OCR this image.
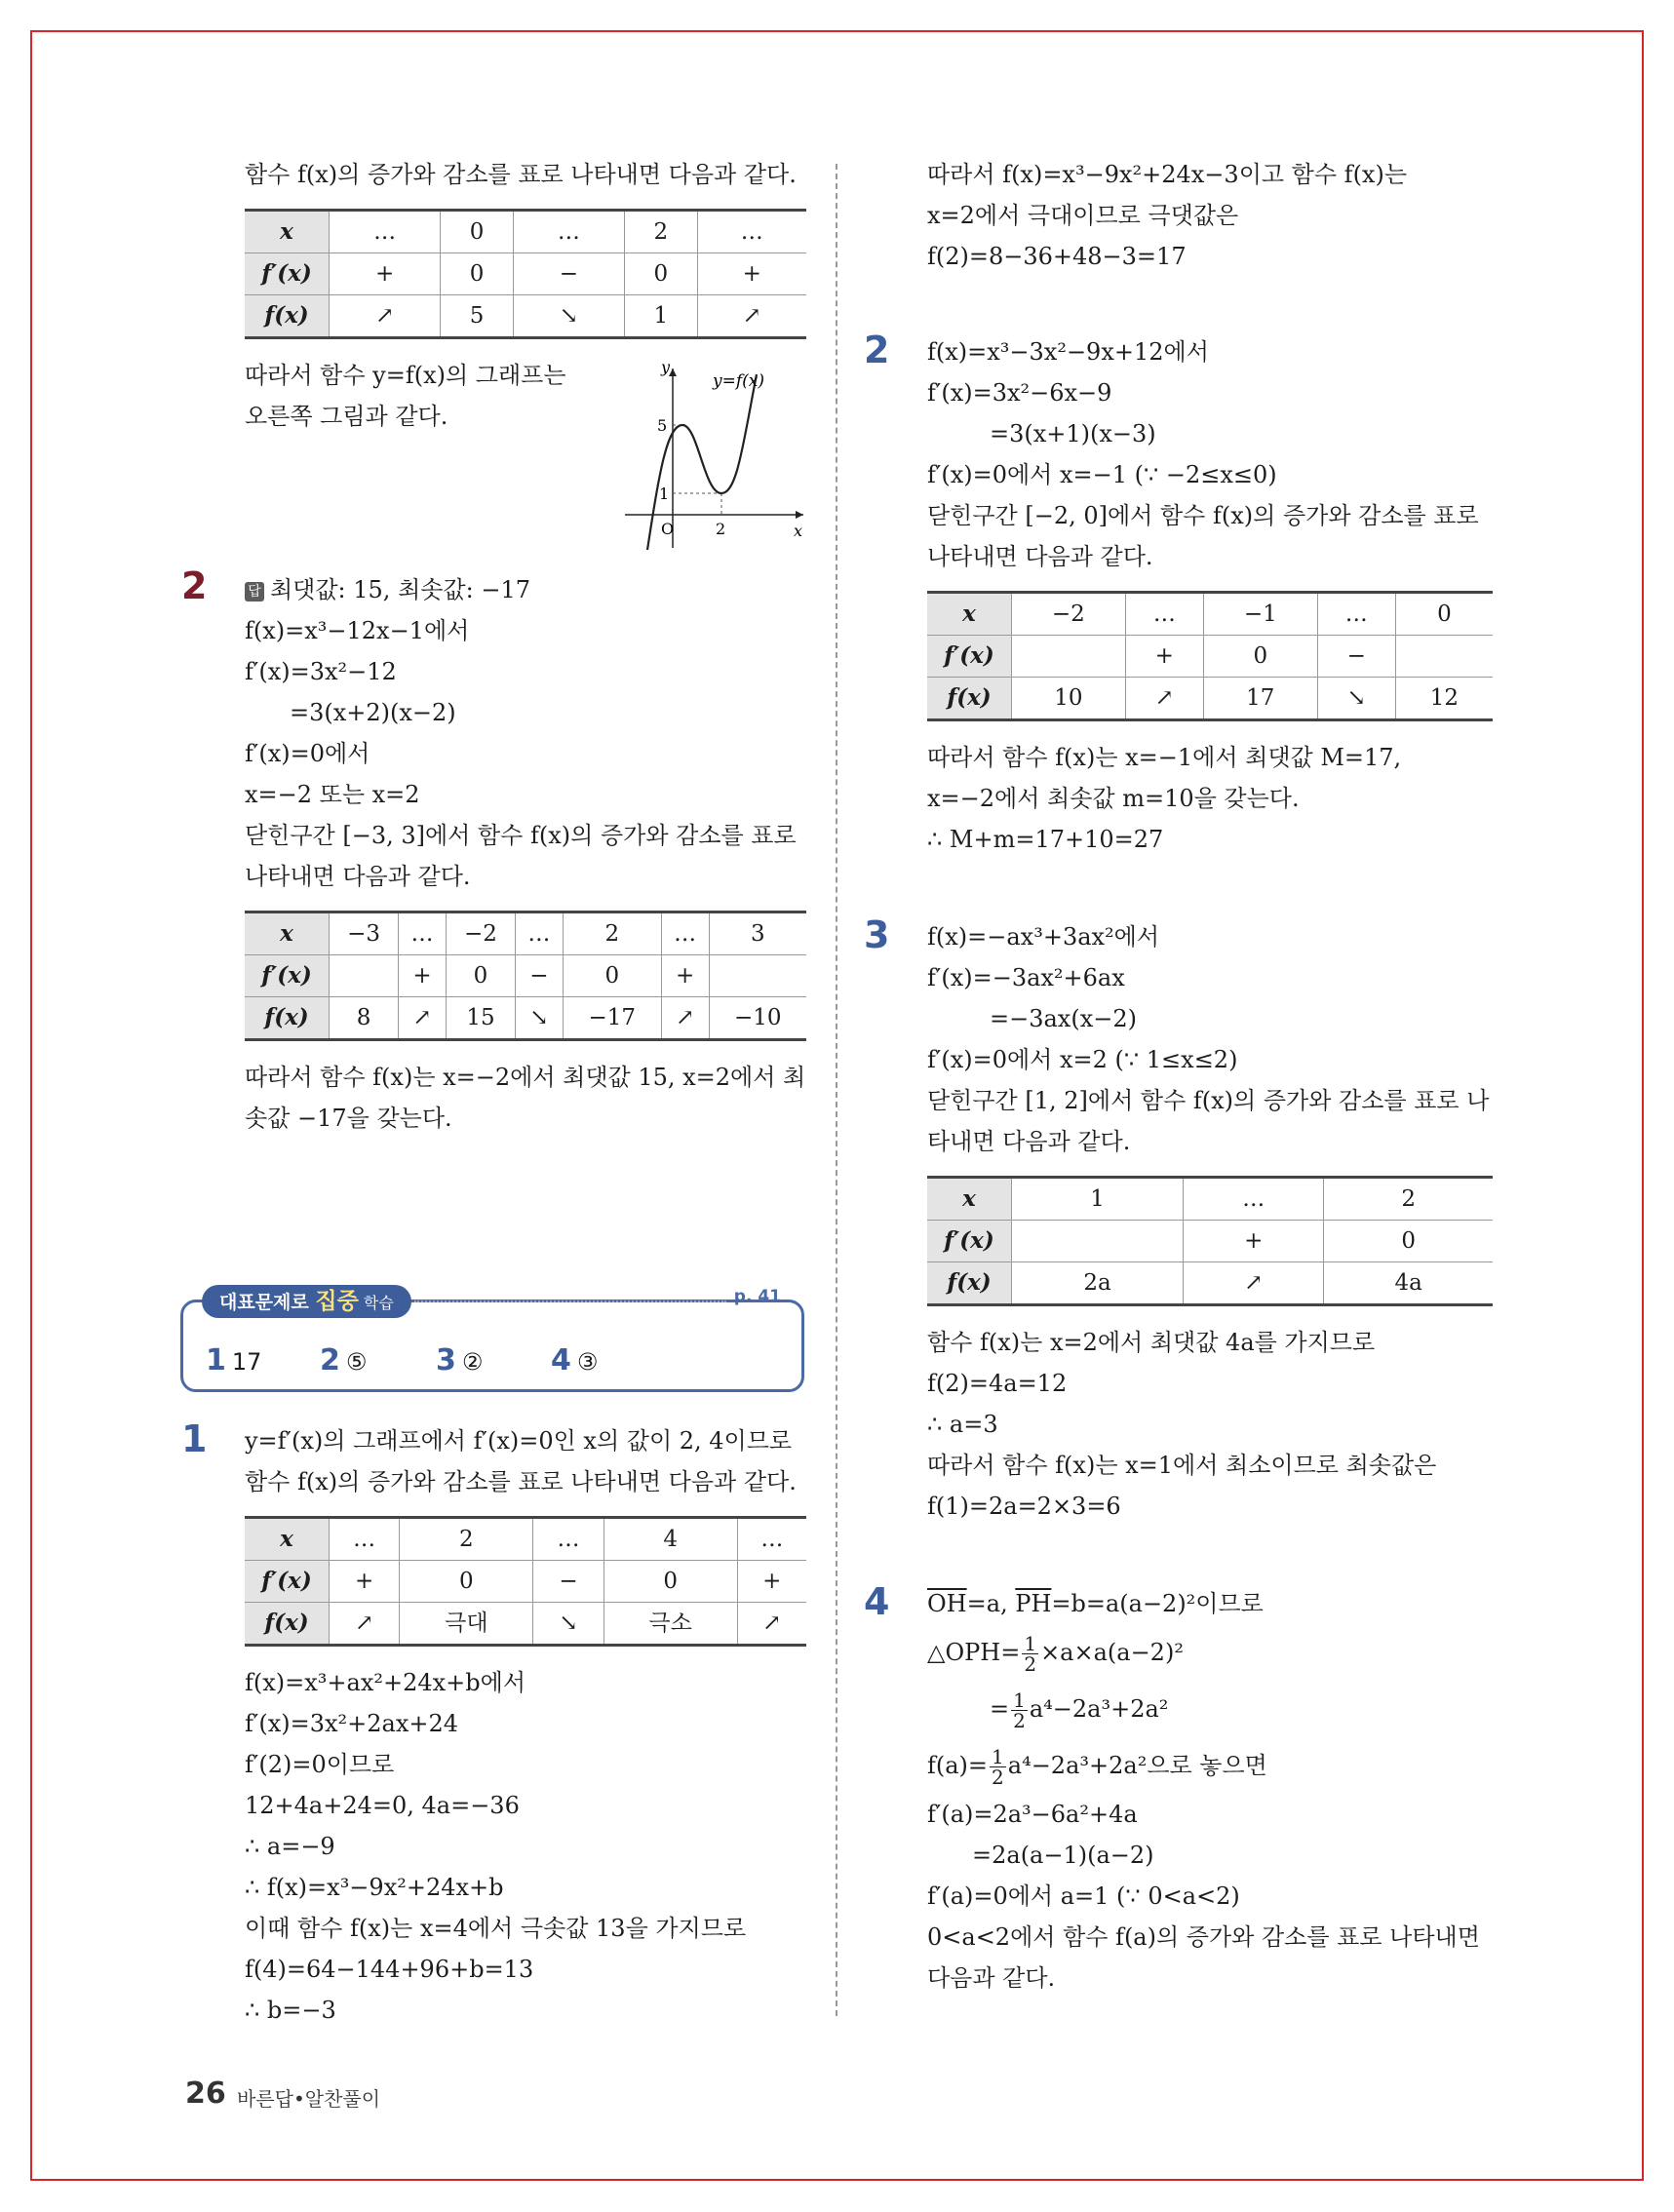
함수 f(x)의 증가와 감소를 표로 나타내면 다음과 같다.
x	…	0	…	2	…
f′(x)	+	0	−	0	+
f(x)	↗	5	↘	1	↗
따라서 함수 y=f(x)의 그래프는
오른쪽 그림과 같다.
y
x
O	2
5
1
y=f(x)
2	답 최댓값: 15, 최솟값: −17
f(x)=x³−12x−1에서
f′(x)=3x²−12
=3(x+2)(x−2)
f′(x)=0에서
x=−2 또는 x=2
닫힌구간 [−3, 3]에서 함수 f(x)의 증가와 감소를 표로 나타내면 다음과 같다.
x	−3	…	−2	…	2	…	3
f′(x)		+	0	−	0	+	
f(x)	8	↗	15	↘	−17	↗	−10
따라서 함수 f(x)는 x=−2에서 최댓값 15, x=2에서 최솟값 −17을 갖는다.
대표문제로 집중 학습	p. 41
1 17 2 ⑤ 3 ② 4 ③
1 y=f′(x)의 그래프에서 f′(x)=0인 x의 값이 2, 4이므로 함수 f(x)의 증가와 감소를 표로 나타내면 다음과 같다.
x	…	2	…	4	…
f′(x)	+	0	−	0	+
f(x)	↗	극대	↘	극소	↗
f(x)=x³+ax²+24x+b에서
f′(x)=3x²+2ax+24
f′(2)=0이므로
12+4a+24=0, 4a=−36
∴ a=−9
∴ f(x)=x³−9x²+24x+b
이때 함수 f(x)는 x=4에서 극솟값 13을 가지므로
f(4)=64−144+96+b=13
∴ b=−3
따라서 f(x)=x³−9x²+24x−3이고 함수 f(x)는
x=2에서 극대이므로 극댓값은
f(2)=8−36+48−3=17
2 f(x)=x³−3x²−9x+12에서
f′(x)=3x²−6x−9
=3(x+1)(x−3)
f′(x)=0에서 x=−1 (∵ −2≤x≤0)
닫힌구간 [−2, 0]에서 함수 f(x)의 증가와 감소를 표로 나타내면 다음과 같다.
x	−2	…	−1	…	0
f′(x)		+	0	−	
f(x)	10	↗	17	↘	12
따라서 함수 f(x)는 x=−1에서 최댓값 M=17,
x=−2에서 최솟값 m=10을 갖는다.
∴ M+m=17+10=27
3 f(x)=−ax³+3ax²에서
f′(x)=−3ax²+6ax
=−3ax(x−2)
f′(x)=0에서 x=2 (∵ 1≤x≤2)
닫힌구간 [1, 2]에서 함수 f(x)의 증가와 감소를 표로 나타내면 다음과 같다.
x	1	…	2
f′(x)		+	0
f(x)	2a	↗	4a
함수 f(x)는 x=2에서 최댓값 4a를 가지므로
f(2)=4a=12
∴ a=3
따라서 함수 f(x)는 x=1에서 최소이므로 최솟값은
f(1)=2a=2×3=6
4 $\overline{OH}=a$, $\overline{PH}=b=a(a-2)^2$이므로
△OPH= $\frac{1}{2} \times a\times a(a-2)^2$
= $\frac{1}{2} a^4-2a^3+2a^2$
$f(a)= \frac{1}{2} a^4-2a^3+2a^2$으로 놓으면
f′(a)=2a³−6a²+4a
=2a(a−1)(a−2)
f′(a)=0에서 a=1 (∵ 0<a<2)
0<a<2에서 함수 f(a)의 증가와 감소를 표로 나타내면 다음과 같다.
26 바른답•알찬풀이
